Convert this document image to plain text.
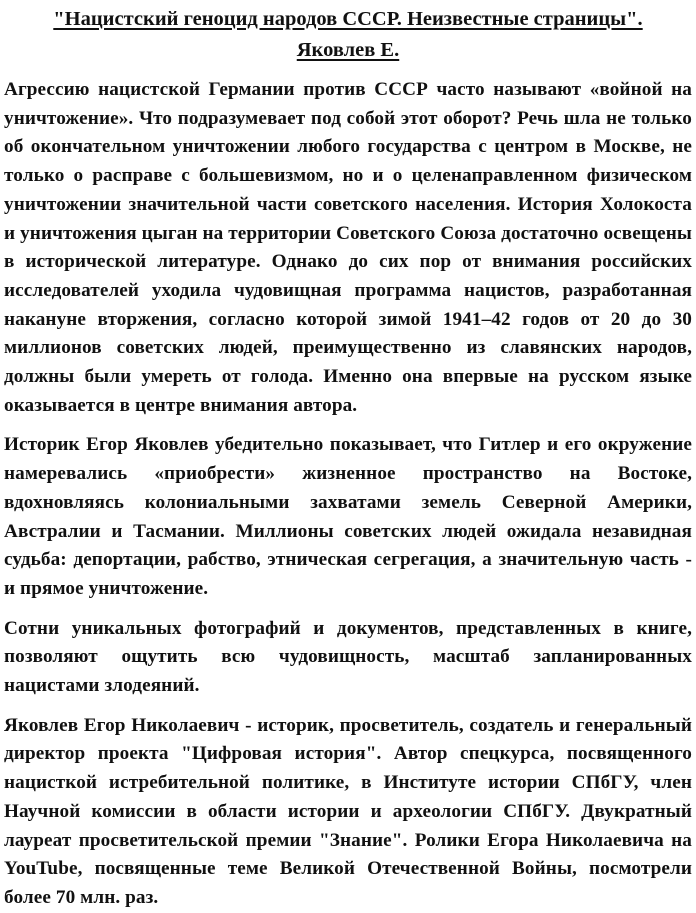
"Нацистский геноцид народов СССР. Неизвестные страницы".
Яковлев Е.

Агрессию нацистской Германии против СССР часто называют «войной на уничтожение». Что подразумевает под собой этот оборот? Речь шла не только об окончательном уничтожении любого государства с центром в Москве, не только о расправе с большевизмом, но и о целенаправленном физическом уничтожении значительной части советского населения. История Холокоста и уничтожения цыган на территории Советского Союза достаточно освещены в исторической литературе. Однако до сих пор от внимания российских исследователей уходила чудовищная программа нацистов, разработанная накануне вторжения, согласно которой зимой 1941–42 годов от 20 до 30 миллионов советских людей, преимущественно из славянских народов, должны были умереть от голода. Именно она впервые на русском языке оказывается в центре внимания автора.

Историк Егор Яковлев убедительно показывает, что Гитлер и его окружение намеревались «приобрести» жизненное пространство на Востоке, вдохновляясь колониальными захватами земель Северной Америки, Австралии и Тасмании. Миллионы советских людей ожидала незавидная судьба: депортации, рабство, этническая сегрегация, а значительную часть - и прямое уничтожение.

Сотни уникальных фотографий и документов, представленных в книге, позволяют ощутить всю чудовищность, масштаб запланированных нацистами злодеяний.

Яковлев Егор Николаевич - историк, просветитель, создатель и генеральный директор проекта "Цифровая история". Автор спецкурса, посвященного нацисткой истребительной политике, в Институте истории СПбГУ, член Научной комиссии в области истории и археологии СПбГУ. Двукратный лауреат просветительской премии "Знание". Ролики Егора Николаевича на YouTube, посвященные теме Великой Отечественной Войны, посмотрели более 70 млн. раз.
